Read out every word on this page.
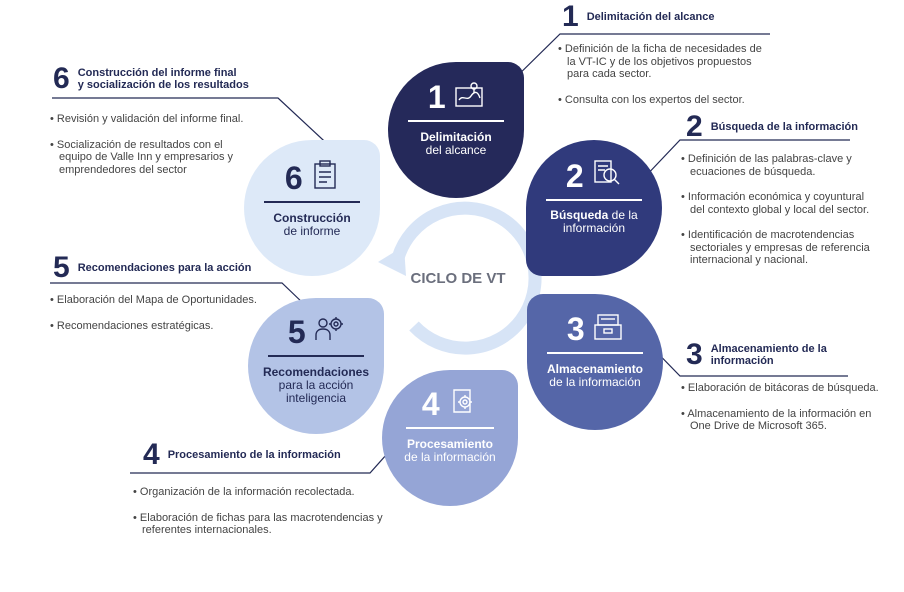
CICLO DE VT
1
Delimitación
del alcance
2
Búsqueda de la información
3
Almacenamiento
de la información
4
Procesamiento
de la información
5
Recomendaciones
para la acción inteligencia
6
Construcción
de informe
1 Delimitación del alcance
• Definición de la ficha de necesidades de la VT-IC y de los objetivos propuestos para cada sector.
• Consulta con los expertos del sector.
2 Búsqueda de la información
• Definición de las palabras-clave y ecuaciones de búsqueda.
• Información económica y coyuntural del contexto global y local del sector.
• Identificación de macrotendencias sectoriales y empresas de referencia internacional y nacional.
3 Almacenamiento de la
información
• Elaboración de bitácoras de búsqueda.
• Almacenamiento de la información en One Drive de Microsoft 365.
4 Procesamiento de la información
• Organización de la información recolectada.
• Elaboración de fichas para las macrotendencias y referentes internacionales.
5 Recomendaciones para la acción
• Elaboración del Mapa de Oportunidades.
• Recomendaciones estratégicas.
6 Construcción del informe final
y socialización de los resultados
• Revisión y validación del informe final.
• Socialización de resultados con el equipo de Valle Inn y empresarios y emprendedores del sector
